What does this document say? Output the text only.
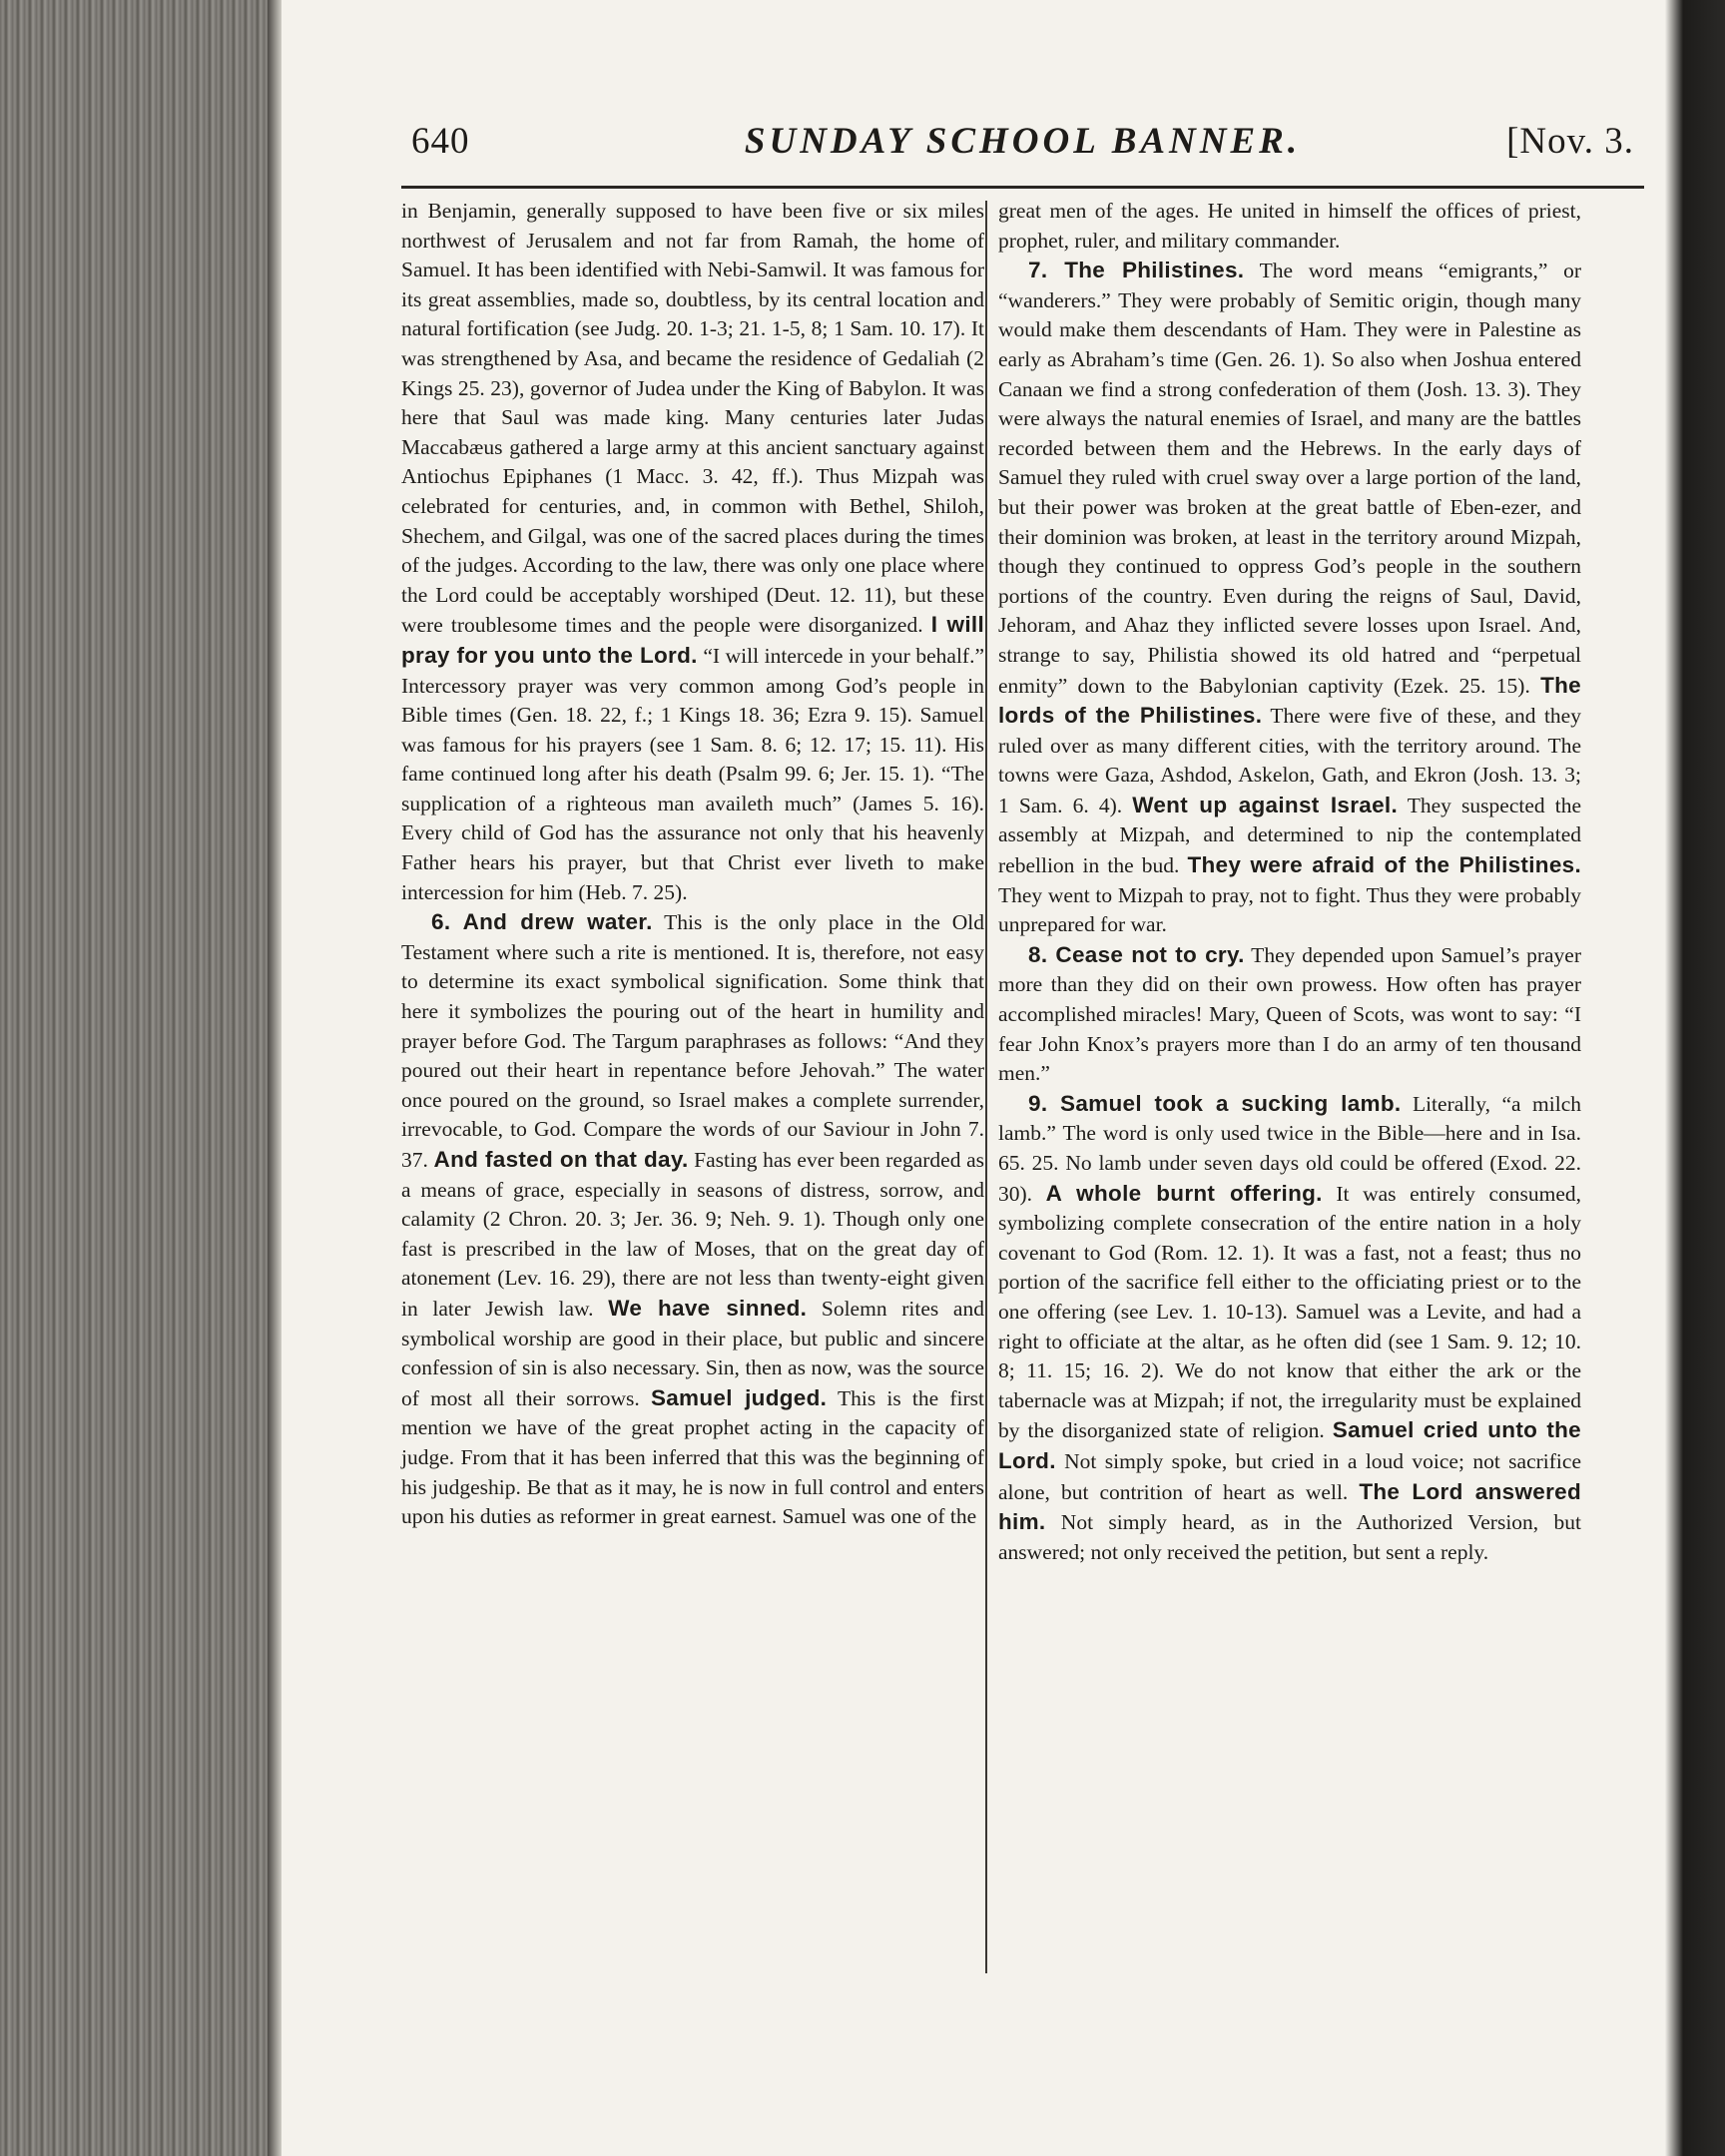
640	SUNDAY SCHOOL BANNER.	[Nov. 3.

in Benjamin, generally supposed to have been five or six miles northwest of Jerusalem and not far from Ramah, the home of Samuel. It has been identified with Nebi-Samwil. It was famous for its great assemblies, made so, doubtless, by its central location and natural fortification (see Judg. 20. 1-3; 21. 1-5, 8; 1 Sam. 10. 17). It was strengthened by Asa, and became the residence of Gedaliah (2 Kings 25. 23), governor of Judea under the King of Babylon. It was here that Saul was made king. Many centuries later Judas Maccabæus gathered a large army at this ancient sanctuary against Antiochus Epiphanes (1 Macc. 3. 42, ff.). Thus Mizpah was celebrated for centuries, and, in common with Bethel, Shiloh, Shechem, and Gilgal, was one of the sacred places during the times of the judges. According to the law, there was only one place where the Lord could be acceptably worshiped (Deut. 12. 11), but these were troublesome times and the people were disorganized. I will pray for you unto the Lord. “I will intercede in your behalf.” Intercessory prayer was very common among God’s people in Bible times (Gen. 18. 22, f.; 1 Kings 18. 36; Ezra 9. 15). Samuel was famous for his prayers (see 1 Sam. 8. 6; 12. 17; 15. 11). His fame continued long after his death (Psalm 99. 6; Jer. 15. 1). “The supplication of a righteous man availeth much” (James 5. 16). Every child of God has the assurance not only that his heavenly Father hears his prayer, but that Christ ever liveth to make intercession for him (Heb. 7. 25).

6. And drew water. This is the only place in the Old Testament where such a rite is mentioned. It is, therefore, not easy to determine its exact symbolical signification. Some think that here it symbolizes the pouring out of the heart in humility and prayer before God. The Targum paraphrases as follows: “And they poured out their heart in repentance before Jehovah.” The water once poured on the ground, so Israel makes a complete surrender, irrevocable, to God. Compare the words of our Saviour in John 7. 37. And fasted on that day. Fasting has ever been regarded as a means of grace, especially in seasons of distress, sorrow, and calamity (2 Chron. 20. 3; Jer. 36. 9; Neh. 9. 1). Though only one fast is prescribed in the law of Moses, that on the great day of atonement (Lev. 16. 29), there are not less than twenty-eight given in later Jewish law. We have sinned. Solemn rites and symbolical worship are good in their place, but public and sincere confession of sin is also necessary. Sin, then as now, was the source of most all their sorrows. Samuel judged. This is the first mention we have of the great prophet acting in the capacity of judge. From that it has been inferred that this was the beginning of his judgeship. Be that as it may, he is now in full control and enters upon his duties as reformer in great earnest. Samuel was one of the

great men of the ages. He united in himself the offices of priest, prophet, ruler, and military commander.

7. The Philistines. The word means “emigrants,” or “wanderers.” They were probably of Semitic origin, though many would make them descendants of Ham. They were in Palestine as early as Abraham’s time (Gen. 26. 1). So also when Joshua entered Canaan we find a strong confederation of them (Josh. 13. 3). They were always the natural enemies of Israel, and many are the battles recorded between them and the Hebrews. In the early days of Samuel they ruled with cruel sway over a large portion of the land, but their power was broken at the great battle of Eben-ezer, and their dominion was broken, at least in the territory around Mizpah, though they continued to oppress God’s people in the southern portions of the country. Even during the reigns of Saul, David, Jehoram, and Ahaz they inflicted severe losses upon Israel. And, strange to say, Philistia showed its old hatred and “perpetual enmity” down to the Babylonian captivity (Ezek. 25. 15). The lords of the Philistines. There were five of these, and they ruled over as many different cities, with the territory around. The towns were Gaza, Ashdod, Askelon, Gath, and Ekron (Josh. 13. 3; 1 Sam. 6. 4). Went up against Israel. They suspected the assembly at Mizpah, and determined to nip the contemplated rebellion in the bud. They were afraid of the Philistines. They went to Mizpah to pray, not to fight. Thus they were probably unprepared for war.

8. Cease not to cry. They depended upon Samuel’s prayer more than they did on their own prowess. How often has prayer accomplished miracles! Mary, Queen of Scots, was wont to say: “I fear John Knox’s prayers more than I do an army of ten thousand men.”

9. Samuel took a sucking lamb. Literally, “a milch lamb.” The word is only used twice in the Bible—here and in Isa. 65. 25. No lamb under seven days old could be offered (Exod. 22. 30). A whole burnt offering. It was entirely consumed, symbolizing complete consecration of the entire nation in a holy covenant to God (Rom. 12. 1). It was a fast, not a feast; thus no portion of the sacrifice fell either to the officiating priest or to the one offering (see Lev. 1. 10-13). Samuel was a Levite, and had a right to officiate at the altar, as he often did (see 1 Sam. 9. 12; 10. 8; 11. 15; 16. 2). We do not know that either the ark or the tabernacle was at Mizpah; if not, the irregularity must be explained by the disorganized state of religion. Samuel cried unto the Lord. Not simply spoke, but cried in a loud voice; not sacrifice alone, but contrition of heart as well. The Lord answered him. Not simply heard, as in the Authorized Version, but answered; not only received the petition, but sent a reply.
